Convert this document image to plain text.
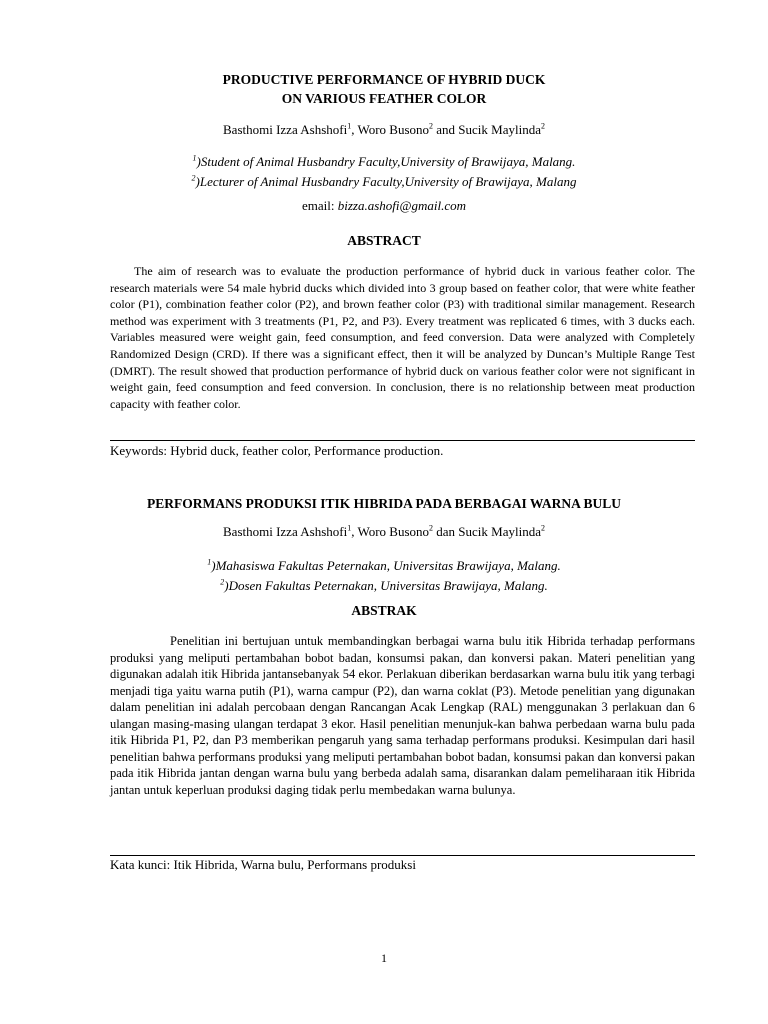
PRODUCTIVE PERFORMANCE OF HYBRID DUCK
ON VARIOUS FEATHER COLOR
Basthomi Izza Ashshofi$^1$, Woro Busono$^2$ and Sucik Maylinda$^2$
$^1$)Student of Animal Husbandry Faculty,University of Brawijaya, Malang.
$^2$)Lecturer of Animal Husbandry Faculty,University of Brawijaya, Malang
email: bizza.ashofi@gmail.com
ABSTRACT
The aim of research was to evaluate the production performance of hybrid duck in various feather color. The research materials were 54 male hybrid ducks which divided into 3 group based on feather color, that were white feather color (P1), combination feather color (P2), and brown feather color (P3) with traditional similar management. Research method was experiment with 3 treatments (P1, P2, and P3). Every treatment was replicated 6 times, with 3 ducks each. Variables measured were weight gain, feed consumption, and feed conversion. Data were analyzed with Completely Randomized Design (CRD). If there was a significant effect, then it will be analyzed by Duncan’s Multiple Range Test (DMRT). The result showed that production performance of hybrid duck on various feather color were not significant in weight gain, feed consumption and feed conversion. In conclusion, there is no relationship between meat production capacity with feather color.
Keywords: Hybrid duck, feather color, Performance production.
PERFORMANS PRODUKSI ITIK HIBRIDA PADA BERBAGAI WARNA BULU
Basthomi Izza Ashshofi$^1$, Woro Busono$^2$ dan Sucik Maylinda$^2$
$^1$)Mahasiswa Fakultas Peternakan, Universitas Brawijaya, Malang.
$^2$)Dosen Fakultas Peternakan, Universitas Brawijaya, Malang.
ABSTRAK
Penelitian ini bertujuan untuk membandingkan berbagai warna bulu itik Hibrida terhadap performans produksi yang meliputi pertambahan bobot badan, konsumsi pakan, dan konversi pakan. Materi penelitian yang digunakan adalah itik Hibrida jantansebanyak 54 ekor. Perlakuan diberikan berdasarkan warna bulu itik yang terbagi menjadi tiga yaitu warna putih (P1), warna campur (P2), dan warna coklat (P3). Metode penelitian yang digunakan dalam penelitian ini adalah percobaan dengan Rancangan Acak Lengkap (RAL) menggunakan 3 perlakuan dan 6 ulangan masing-masing ulangan terdapat 3 ekor. Hasil penelitian menunjuk-kan bahwa perbedaan warna bulu pada itik Hibrida P1, P2, dan P3 memberikan pengaruh yang sama terhadap performans produksi. Kesimpulan dari hasil penelitian bahwa performans produksi yang meliputi pertambahan bobot badan, konsumsi pakan dan konversi pakan pada itik Hibrida jantan dengan warna bulu yang berbeda adalah sama, disarankan dalam pemeliharaan itik Hibrida jantan untuk keperluan produksi daging tidak perlu membedakan warna bulunya.
Kata kunci: Itik Hibrida, Warna bulu, Performans produksi
1
